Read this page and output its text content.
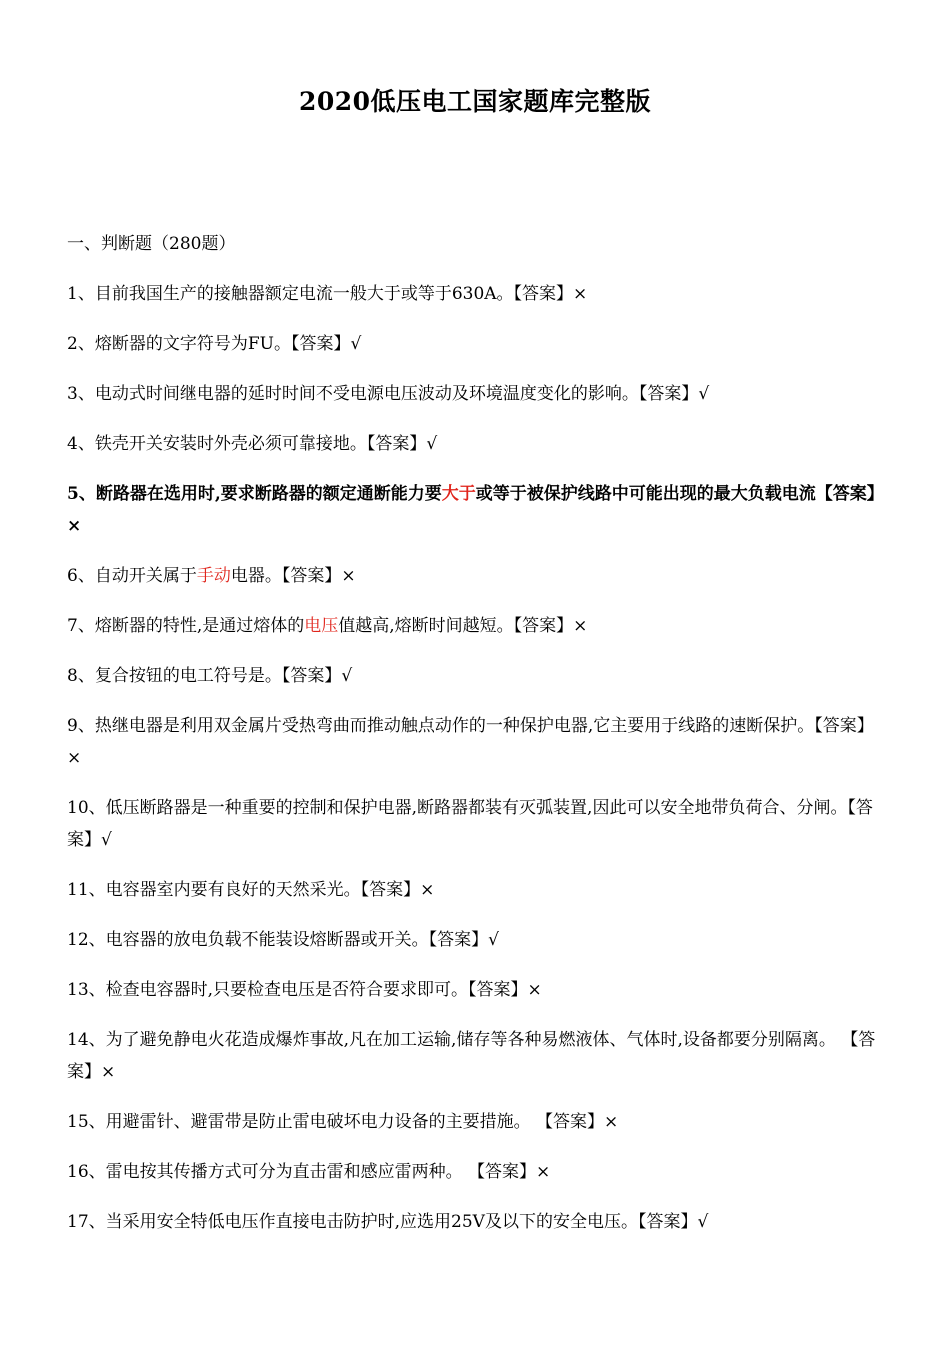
2020低压电工国家题库完整版

一、判断题（280题）

1、目前我国生产的接触器额定电流一般大于或等于630A。【答案】×

2、熔断器的文字符号为FU。【答案】√

3、电动式时间继电器的延时时间不受电源电压波动及环境温度变化的影响。【答案】√

4、铁壳开关安装时外壳必须可靠接地。【答案】√

5、断路器在选用时,要求断路器的额定通断能力要大于或等于被保护线路中可能出现的最大负载电流【答案】×

6、自动开关属于手动电器。【答案】×

7、熔断器的特性,是通过熔体的电压值越高,熔断时间越短。【答案】×

8、复合按钮的电工符号是。【答案】√

9、热继电器是利用双金属片受热弯曲而推动触点动作的一种保护电器,它主要用于线路的速断保护。【答案】×

10、低压断路器是一种重要的控制和保护电器,断路器都装有灭弧装置,因此可以安全地带负荷合、分闸。【答案】√

11、电容器室内要有良好的天然采光。【答案】×

12、电容器的放电负载不能装设熔断器或开关。【答案】√

13、检查电容器时,只要检查电压是否符合要求即可。【答案】×

14、为了避免静电火花造成爆炸事故,凡在加工运输,储存等各种易燃液体、气体时,设备都要分别隔离。 【答案】×

15、用避雷针、避雷带是防止雷电破坏电力设备的主要措施。 【答案】×

16、雷电按其传播方式可分为直击雷和感应雷两种。 【答案】×

17、当采用安全特低电压作直接电击防护时,应选用25V及以下的安全电压。【答案】√
